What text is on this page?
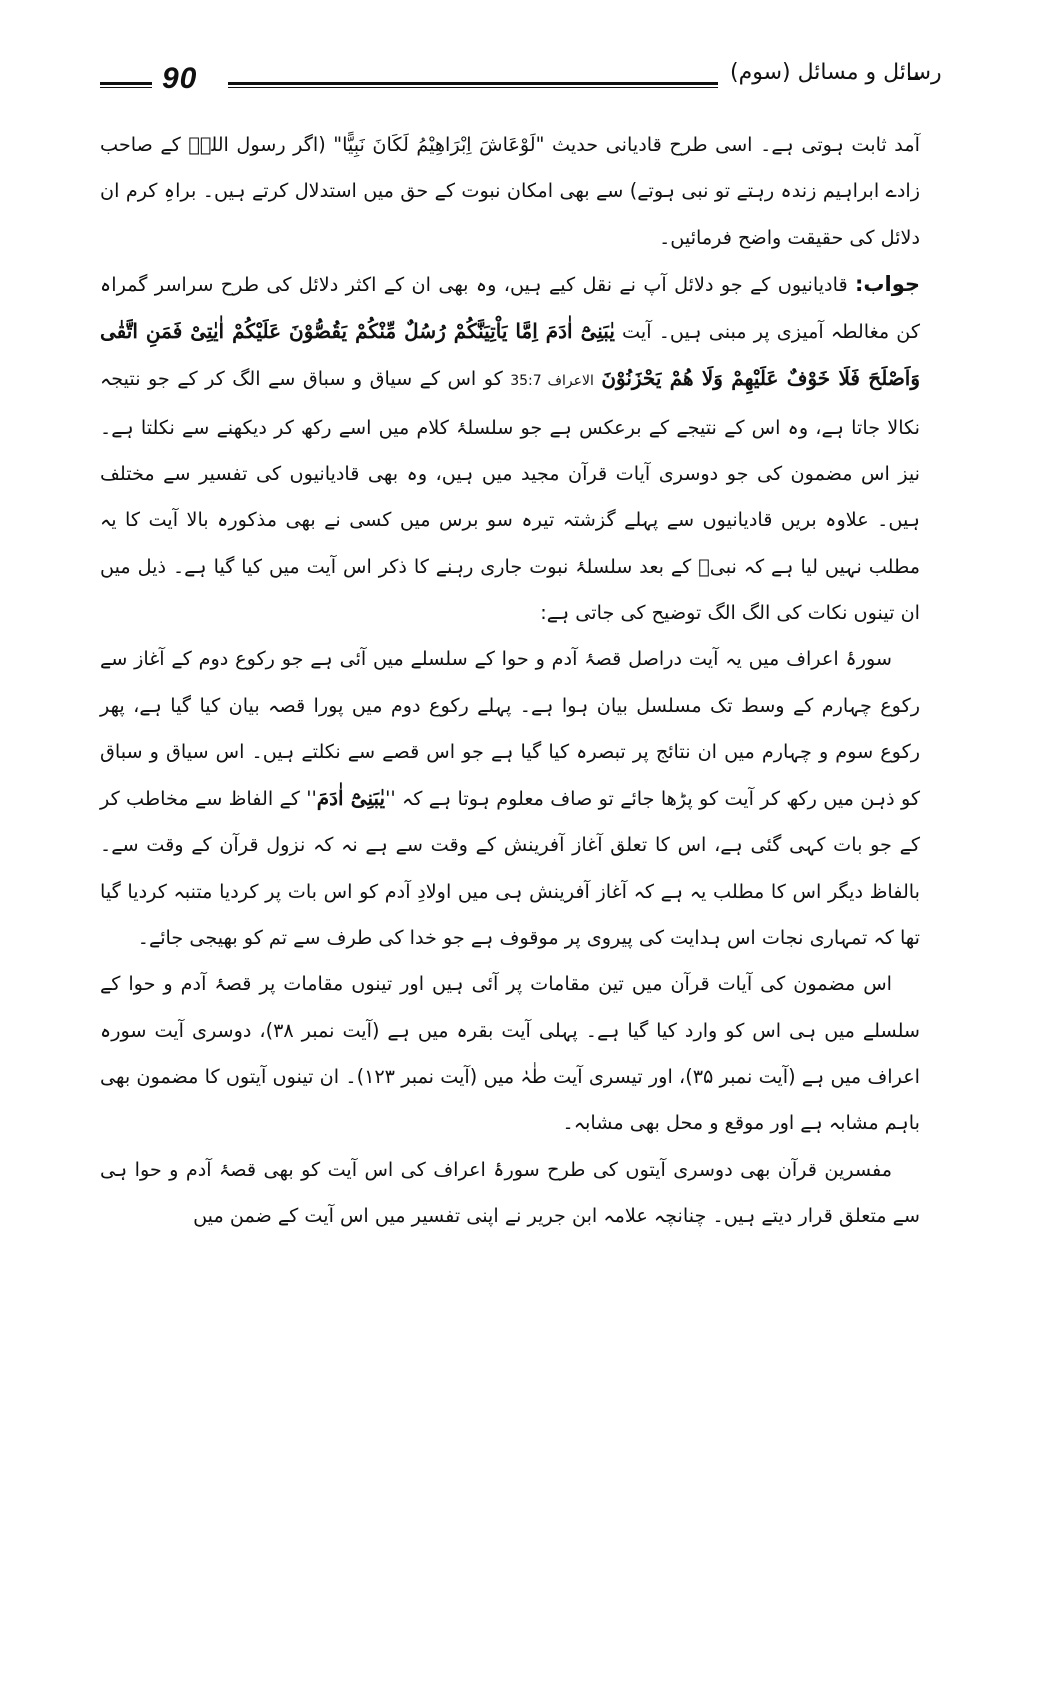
90	رسائل و مسائل (سوم)

آمد ثابت ہوتی ہے۔ اسی طرح قادیانی حدیث "لَوْعَاشَ اِبْرَاھِیْمُ لَکَانَ نَبِیًّا" (اگر رسول اللہؐ کے صاحب زادے ابراہیم زندہ رہتے تو نبی ہوتے) سے بھی امکان نبوت کے حق میں استدلال کرتے ہیں۔ براہِ کرم ان دلائل کی حقیقت واضح فرمائیں۔

جواب: قادیانیوں کے جو دلائل آپ نے نقل کیے ہیں، وہ بھی ان کے اکثر دلائل کی طرح سراسر گمراہ کن مغالطہ آمیزی پر مبنی ہیں۔ آیت یٰبَنِیْٓ اٰدَمَ اِمَّا یَاْتِیَنَّکُمْ رُسُلٌ مِّنْکُمْ یَقُصُّوْنَ عَلَیْکُمْ اٰیٰتِیْ فَمَنِ اتَّقٰی وَاَصْلَحَ فَلَا خَوْفٌ عَلَیْھِمْ وَلَا ھُمْ یَحْزَنُوْنَ الاعراف 35:7 کو اس کے سیاق و سباق سے الگ کر کے جو نتیجہ نکالا جاتا ہے، وہ اس کے نتیجے کے برعکس ہے جو سلسلۂ کلام میں اسے رکھ کر دیکھنے سے نکلتا ہے۔ نیز اس مضمون کی جو دوسری آیات قرآن مجید میں ہیں، وہ بھی قادیانیوں کی تفسیر سے مختلف ہیں۔ علاوہ بریں قادیانیوں سے پہلے گزشتہ تیرہ سو برس میں کسی نے بھی مذکورہ بالا آیت کا یہ مطلب نہیں لیا ہے کہ نبیؐ کے بعد سلسلۂ نبوت جاری رہنے کا ذکر اس آیت میں کیا گیا ہے۔ ذیل میں ان تینوں نکات کی الگ الگ توضیح کی جاتی ہے:

سورۂ اعراف میں یہ آیت دراصل قصۂ آدم و حوا کے سلسلے میں آئی ہے جو رکوع دوم کے آغاز سے رکوع چہارم کے وسط تک مسلسل بیان ہوا ہے۔ پہلے رکوع دوم میں پورا قصہ بیان کیا گیا ہے، پھر رکوع سوم و چہارم میں ان نتائج پر تبصرہ کیا گیا ہے جو اس قصے سے نکلتے ہیں۔ اس سیاق و سباق کو ذہن میں رکھ کر آیت کو پڑھا جائے تو صاف معلوم ہوتا ہے کہ ''یٰبَنِیْٓ اٰدَمَ'' کے الفاظ سے مخاطب کر کے جو بات کہی گئی ہے، اس کا تعلق آغاز آفرینش کے وقت سے ہے نہ کہ نزول قرآن کے وقت سے۔ بالفاظ دیگر اس کا مطلب یہ ہے کہ آغاز آفرینش ہی میں اولادِ آدم کو اس بات پر کردیا متنبہ کردیا گیا تھا کہ تمہاری نجات اس ہدایت کی پیروی پر موقوف ہے جو خدا کی طرف سے تم کو بھیجی جائے۔

اس مضمون کی آیات قرآن میں تین مقامات پر آئی ہیں اور تینوں مقامات پر قصۂ آدم و حوا کے سلسلے میں ہی اس کو وارد کیا گیا ہے۔ پہلی آیت بقرہ میں ہے (آیت نمبر ۳۸)، دوسری آیت سورہ اعراف میں ہے (آیت نمبر ۳۵)، اور تیسری آیت طٰہٰ میں (آیت نمبر ۱۲۳)۔ ان تینوں آیتوں کا مضمون بھی باہم مشابہ ہے اور موقع و محل بھی مشابہ۔

مفسرین قرآن بھی دوسری آیتوں کی طرح سورۂ اعراف کی اس آیت کو بھی قصۂ آدم و حوا ہی سے متعلق قرار دیتے ہیں۔ چنانچہ علامہ ابن جریر نے اپنی تفسیر میں اس آیت کے ضمن میں
